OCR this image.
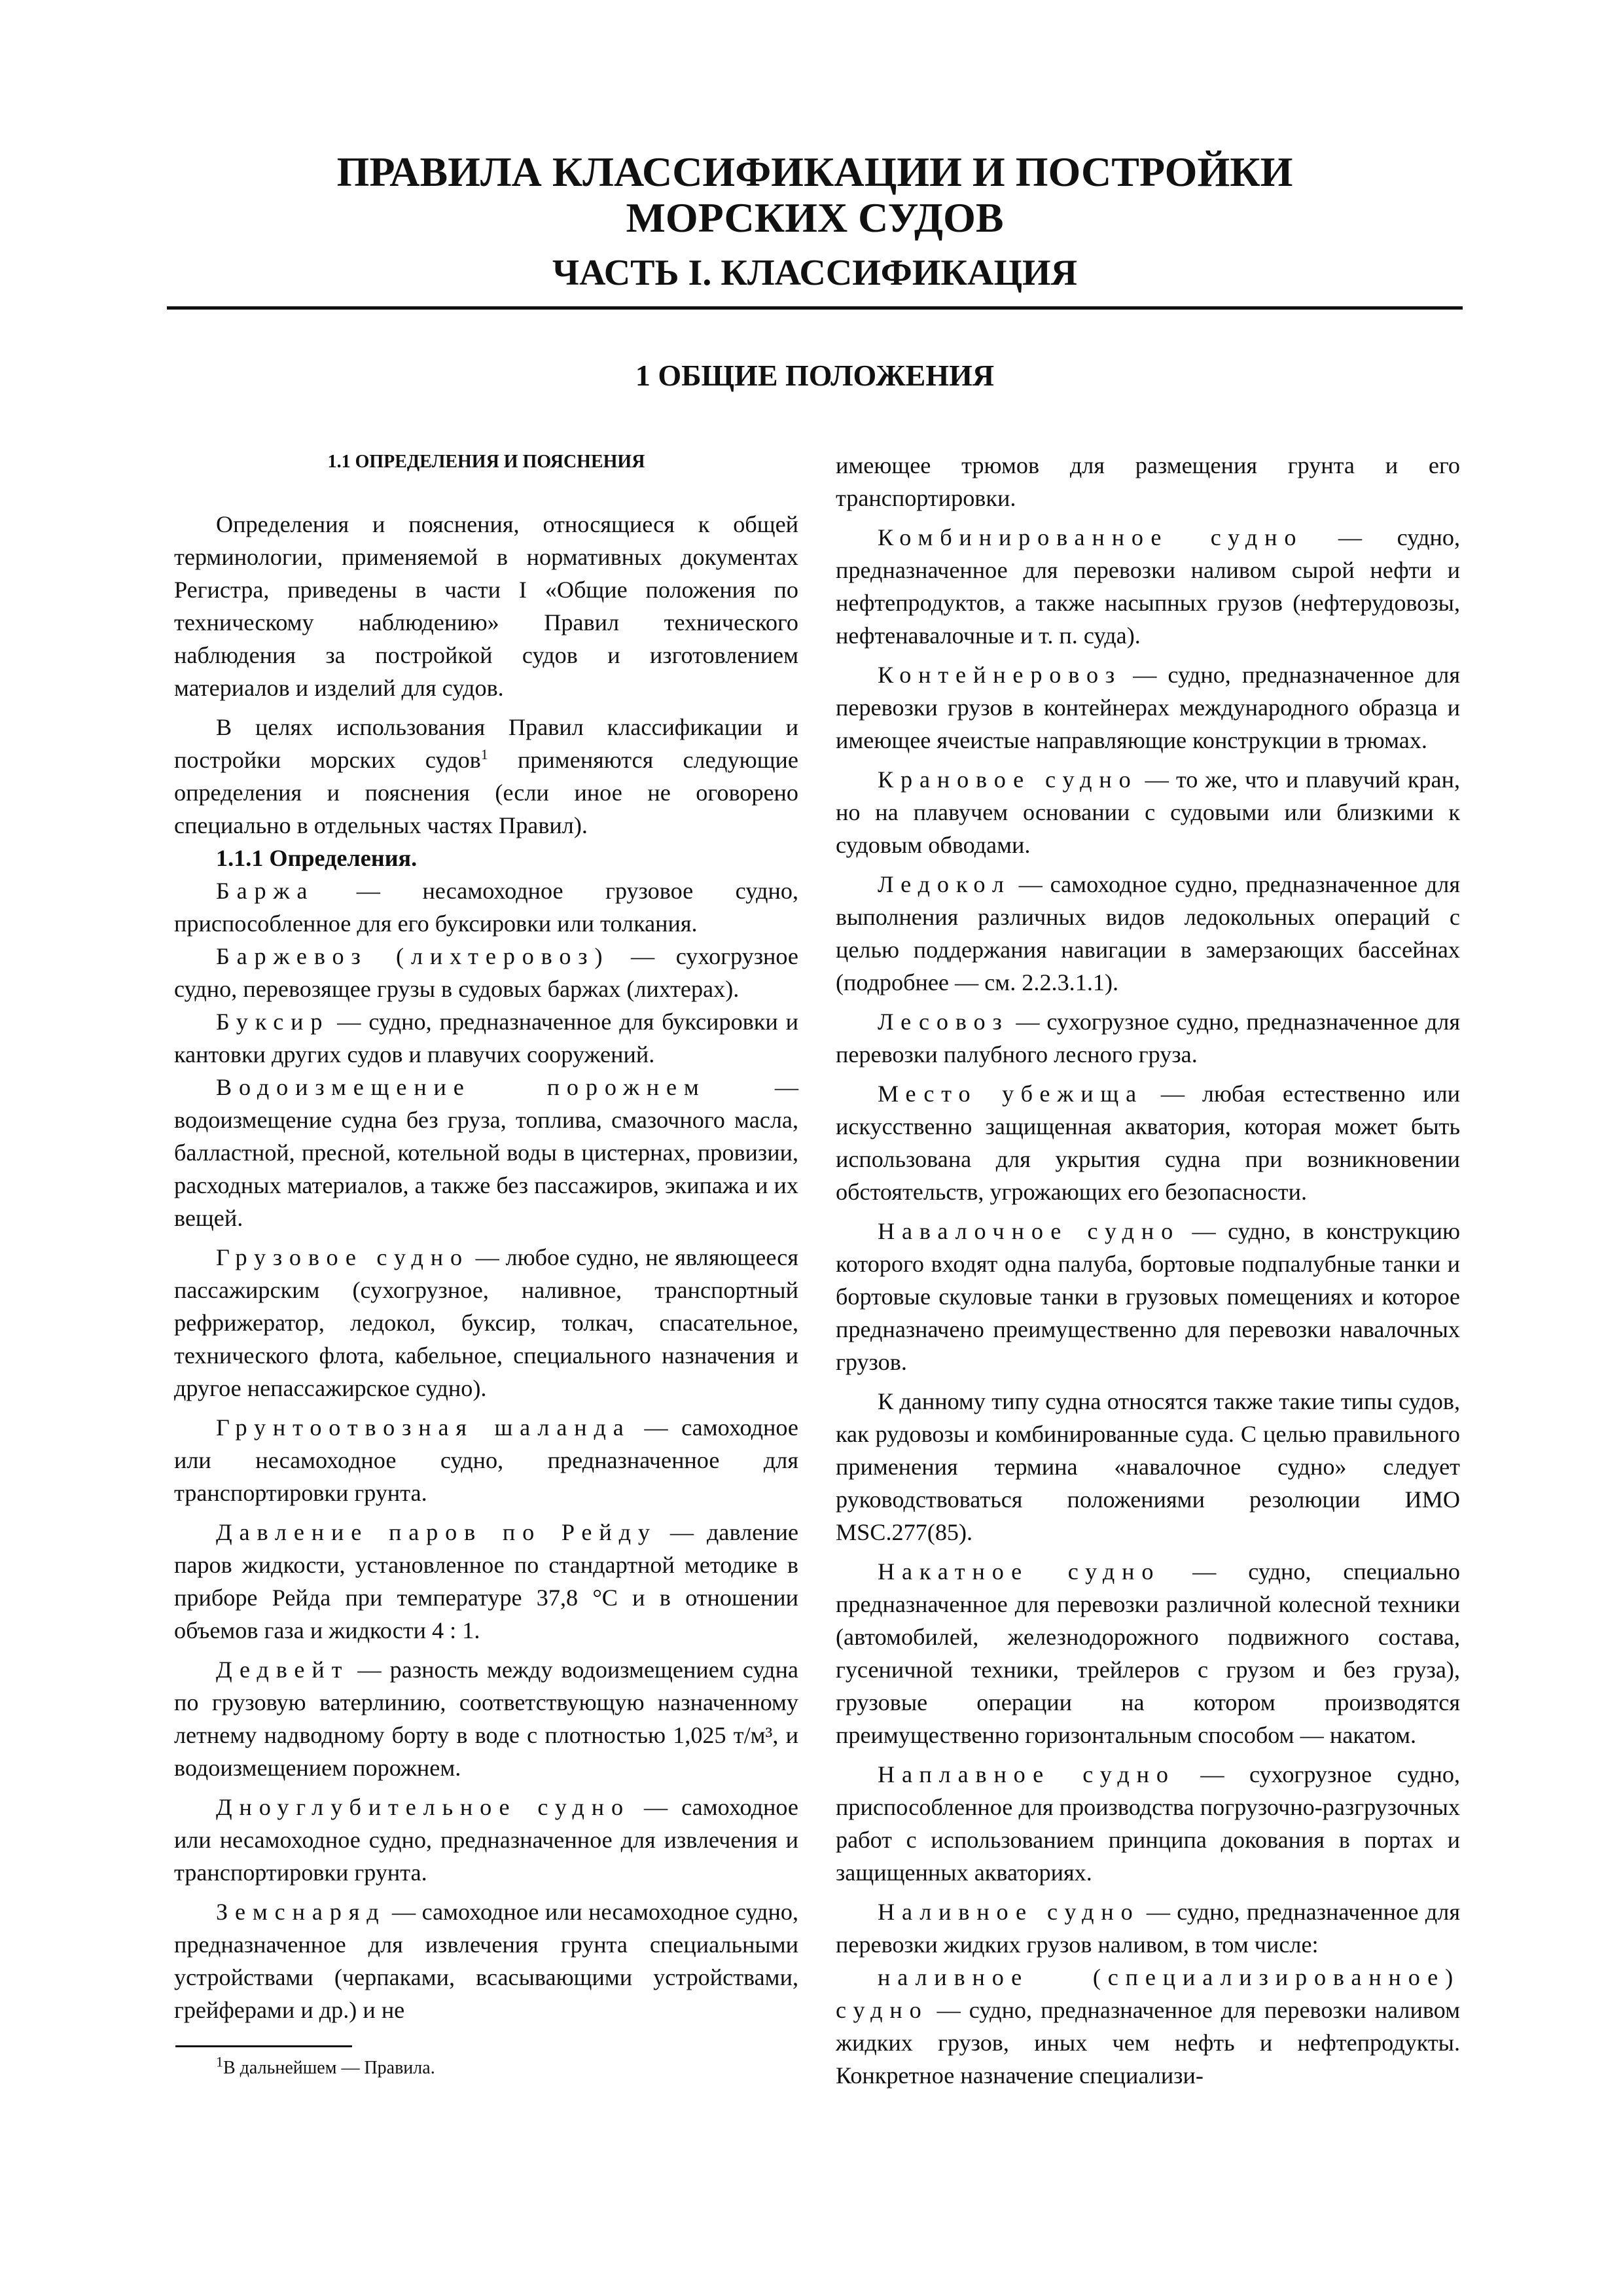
ПРАВИЛА КЛАССИФИКАЦИИ И ПОСТРОЙКИ
МОРСКИХ СУДОВ
ЧАСТЬ I. КЛАССИФИКАЦИЯ
1 ОБЩИЕ ПОЛОЖЕНИЯ

1.1 ОПРЕДЕЛЕНИЯ И ПОЯСНЕНИЯ

Определения и пояснения, относящиеся к общей терминологии, применяемой в нормативных документах Регистра, приведены в части I «Общие положения по техническому наблюдению» Правил технического наблюдения за постройкой судов и изготовлением материалов и изделий для судов.

В целях использования Правил классификации и постройки морских судов$^1$ применяются следующие определения и пояснения (если иное не оговорено специально в отдельных частях Правил).

1.1.1 Определения.

Баржа — несамоходное грузовое судно, приспособленное для его буксировки или толкания.

Баржевоз (лихтеровоз) — сухогрузное судно, перевозящее грузы в судовых баржах (лихтерах).

Буксир — судно, предназначенное для буксировки и кантовки других судов и плавучих сооружений.

Водоизмещение порожнем — водоизмещение судна без груза, топлива, смазочного масла, балластной, пресной, котельной воды в цистернах, провизии, расходных материалов, а также без пассажиров, экипажа и их вещей.

Грузовое судно — любое судно, не являющееся пассажирским (сухогрузное, наливное, транспортный рефрижератор, ледокол, буксир, толкач, спасательное, технического флота, кабельное, специального назначения и другое непассажирское судно).

Грунтоотвозная шаланда — самоходное или несамоходное судно, предназначенное для транспортировки грунта.

Давление паров по Рейду — давление паров жидкости, установленное по стандартной методике в приборе Рейда при температуре 37,8 °С и в отношении объемов газа и жидкости 4 : 1.

Дедвейт — разность между водоизмещением судна по грузовую ватерлинию, соответствующую назначенному летнему надводному борту в воде с плотностью 1,025 т/м³, и водоизмещением порожнем.

Дноуглубительное судно — самоходное или несамоходное судно, предназначенное для извлечения и транспортировки грунта.

Земснаряд — самоходное или несамоходное судно, предназначенное для извлечения грунта специальными устройствами (черпаками, всасывающими устройствами, грейферами и др.) и не

имеющее трюмов для размещения грунта и его транспортировки.

Комбинированное судно — судно, предназначенное для перевозки наливом сырой нефти и нефтепродуктов, а также насыпных грузов (нефтерудовозы, нефтенавалочные и т. п. суда).

Контейнеровоз — судно, предназначенное для перевозки грузов в контейнерах международного образца и имеющее ячеистые направляющие конструкции в трюмах.

Крановое судно — то же, что и плавучий кран, но на плавучем основании с судовыми или близкими к судовым обводами.

Ледокол — самоходное судно, предназначенное для выполнения различных видов ледокольных операций с целью поддержания навигации в замерзающих бассейнах (подробнее — см. 2.2.3.1.1).

Лесовоз — сухогрузное судно, предназначенное для перевозки палубного лесного груза.

Место убежища — любая естественно или искусственно защищенная акватория, которая может быть использована для укрытия судна при возникновении обстоятельств, угрожающих его безопасности.

Навалочное судно — судно, в конструкцию которого входят одна палуба, бортовые подпалубные танки и бортовые скуловые танки в грузовых помещениях и которое предназначено преимущественно для перевозки навалочных грузов.

К данному типу судна относятся также такие типы судов, как рудовозы и комбинированные суда. С целью правильного применения термина «навалочное судно» следует руководствоваться положениями резолюции ИМО MSC.277(85).

Накатное судно — судно, специально предназначенное для перевозки различной колесной техники (автомобилей, железнодорожного подвижного состава, гусеничной техники, трейлеров с грузом и без груза), грузовые операции на котором производятся преимущественно горизонтальным способом — накатом.

Наплавное судно — сухогрузное судно, приспособленное для производства погрузочно-разгрузочных работ с использованием принципа докования в портах и защищенных акваториях.

Наливное судно — судно, предназначенное для перевозки жидких грузов наливом, в том числе:

наливное (специализированное) судно — судно, предназначенное для перевозки наливом жидких грузов, иных чем нефть и нефтепродукты. Конкретное назначение специализи-

$^1$В дальнейшем — Правила.
